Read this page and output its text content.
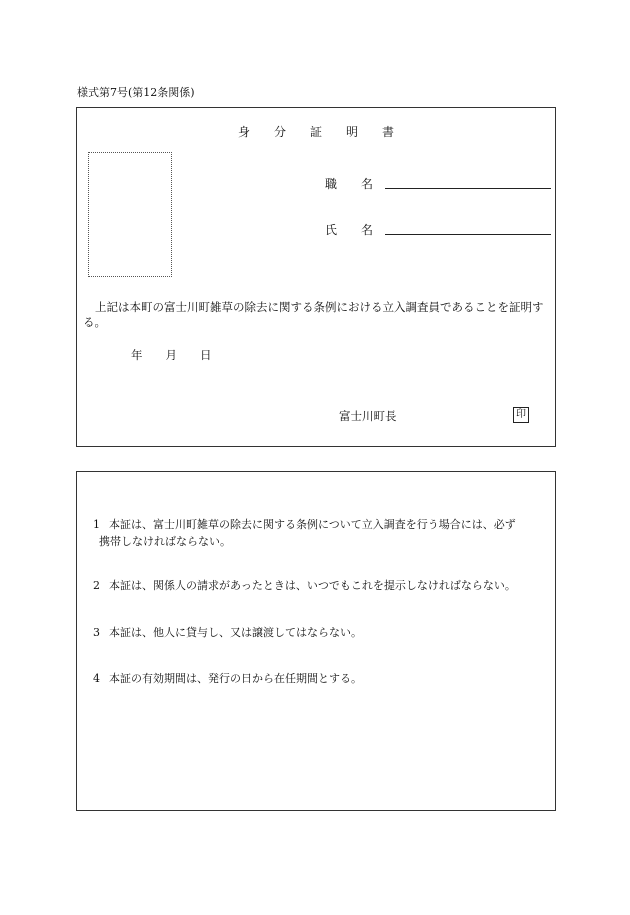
様式第7号(第12条関係)
身　　分　　証　　明　　書
職　　名
氏　　名
上記は本町の富士川町雑草の除去に関する条例における立入調査員であることを証明する。
年　　月　　日
富士川町長	印
1 本証は、富士川町雑草の除去に関する条例について立入調査を行う場合には、必ず
携帯しなければならない。
2 本証は、関係人の請求があったときは、いつでもこれを提示しなければならない。
3 本証は、他人に貸与し、又は譲渡してはならない。
4 本証の有効期間は、発行の日から在任期間とする。
